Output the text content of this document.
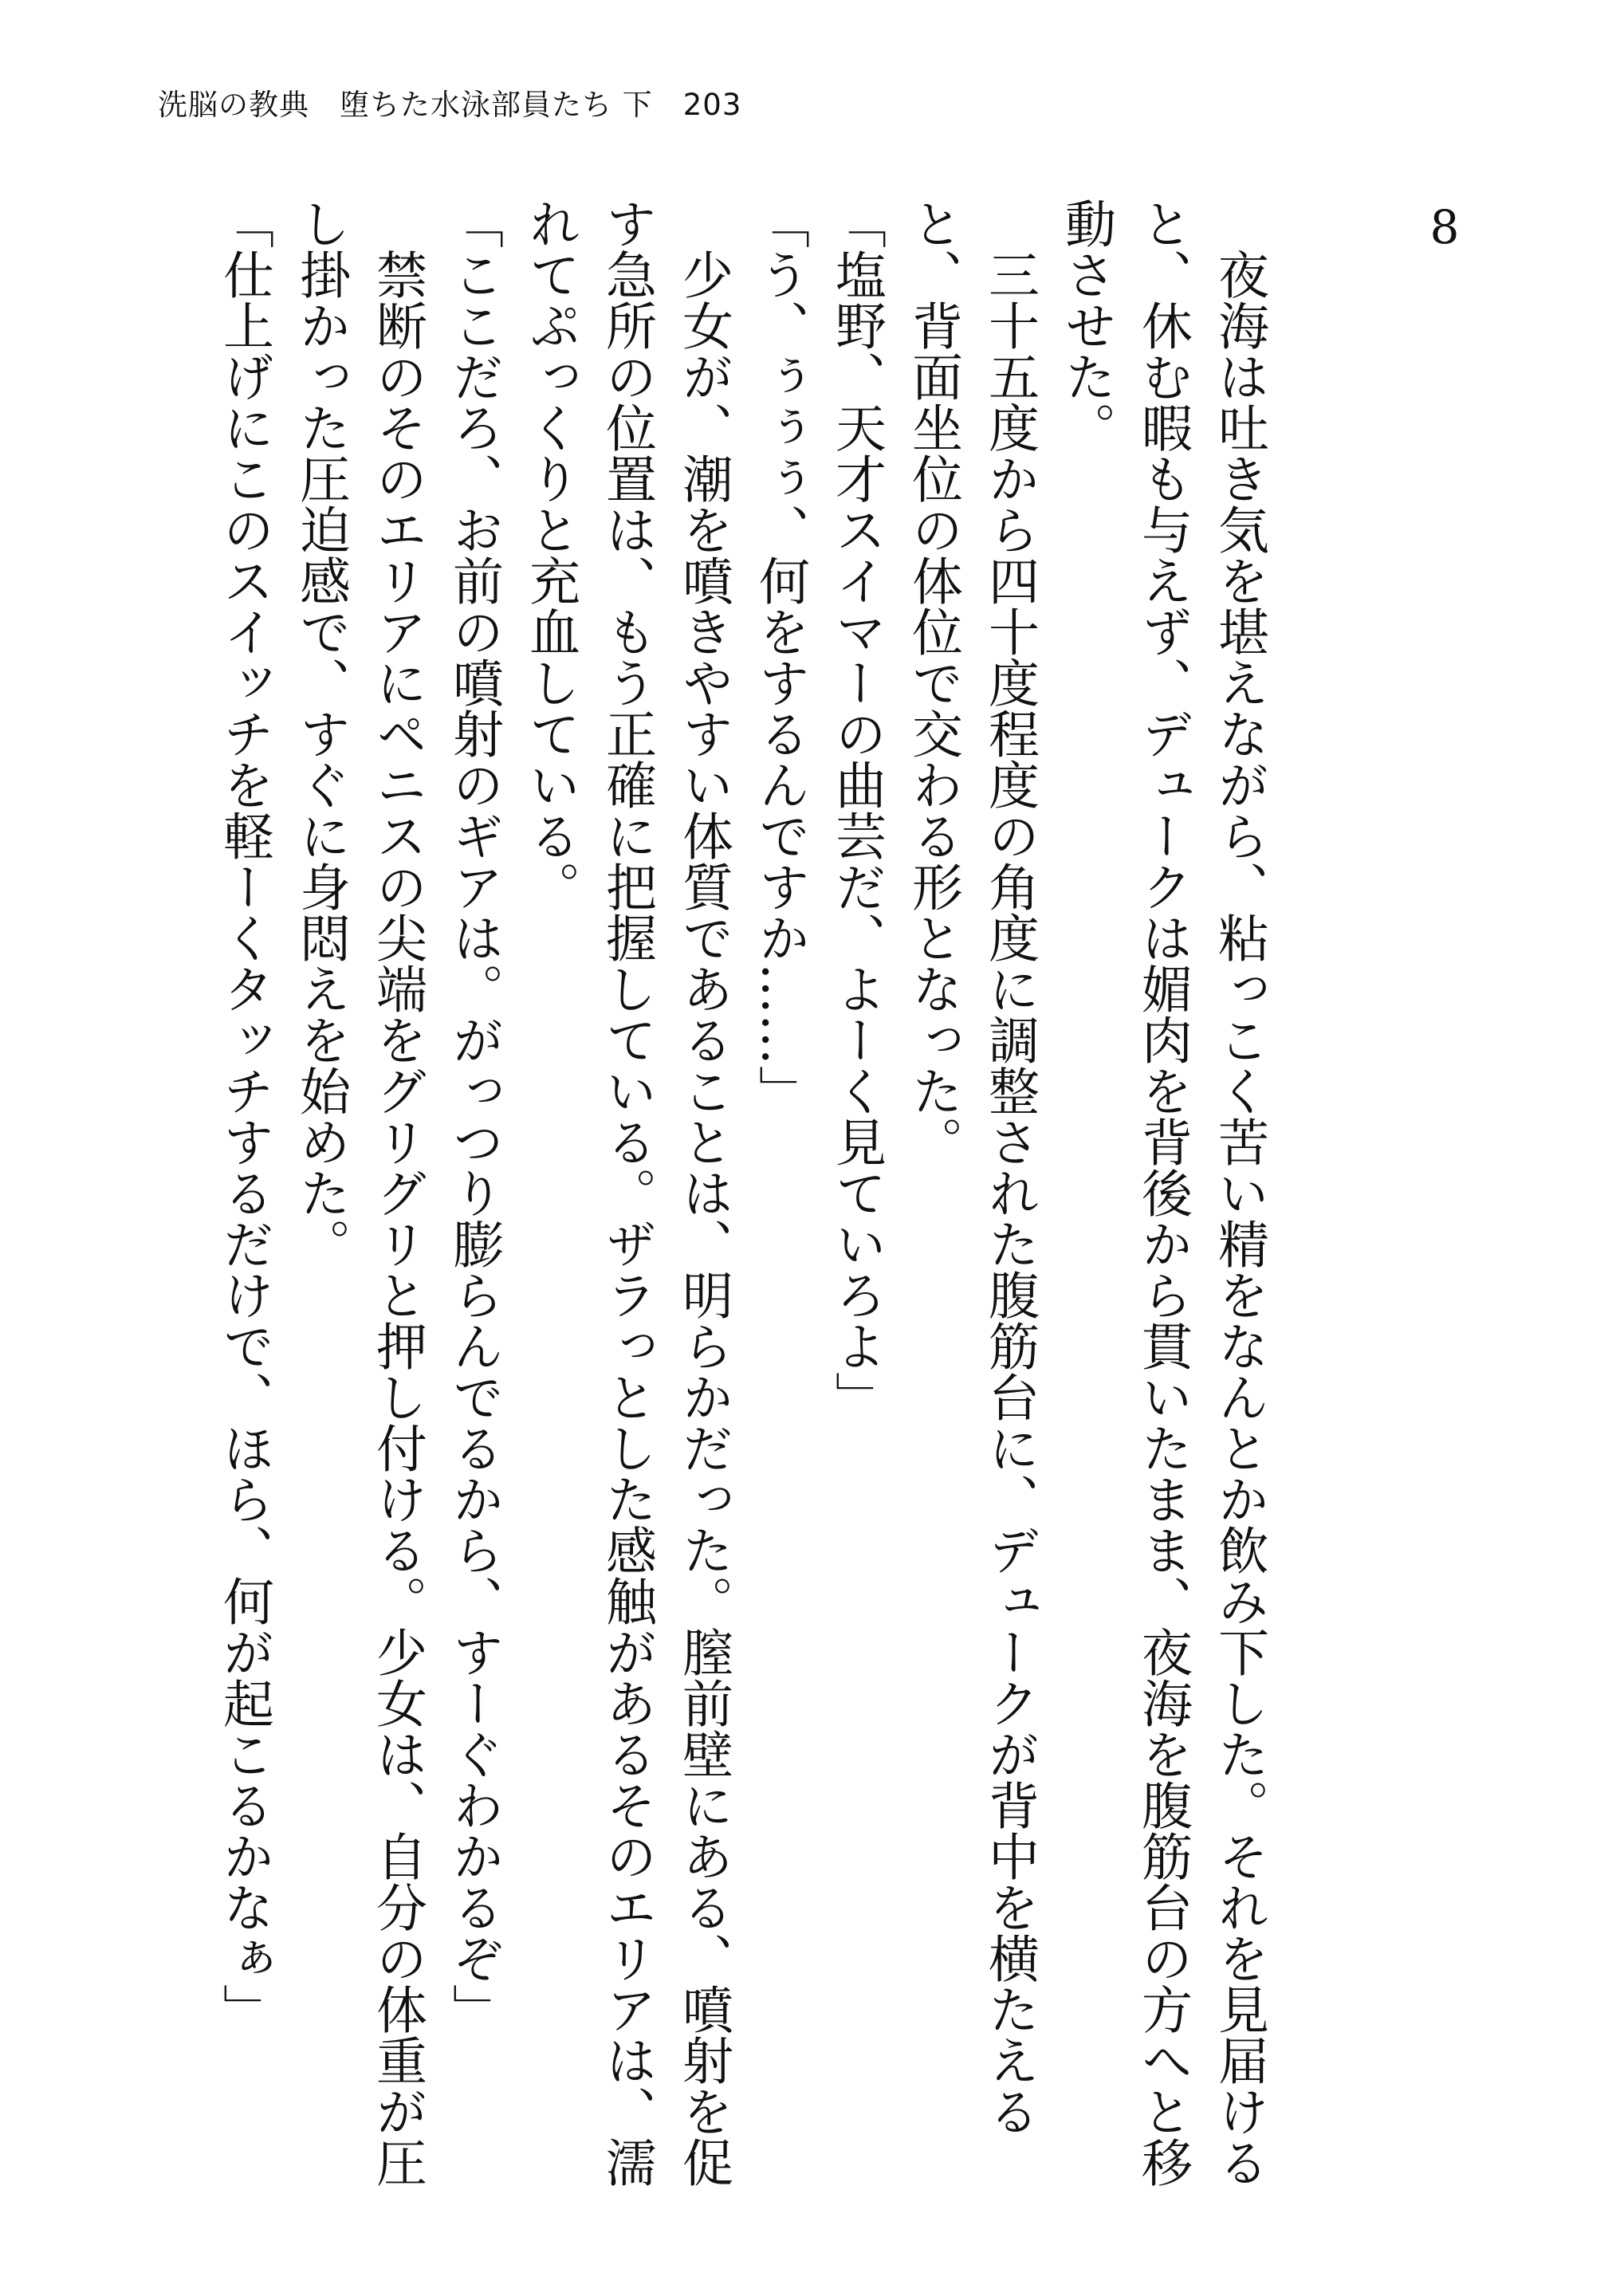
洗脳の教典　堕ちた水泳部員たち 下　203
8

　夜海は吐き気を堪えながら、粘っこく苦い精をなんとか飲み下した。それを見届けると、休む暇も与えず、デュークは媚肉を背後から貫いたまま、夜海を腹筋台の方へと移動させた。

　三十五度から四十度程度の角度に調整された腹筋台に、デュークが背中を横たえると、背面坐位の体位で交わる形となった。

「塩野、天才スイマーの曲芸だ、よーく見ていろよ」

「う、ぅぅぅ、何をするんですか……」

　少女が、潮を噴きやすい体質であることは、明らかだった。膣前壁にある、噴射を促す急所の位置は、もう正確に把握している。ザラっとした感触があるそのエリアは、濡れてぷっくりと充血している。

「ここだろ、お前の噴射のギアは。がっつり膨らんでるから、すーぐわかるぞ」

　禁断のそのエリアにペニスの尖端をグリグリと押し付ける。少女は、自分の体重が圧し掛かった圧迫感で、すぐに身悶えを始めた。

「仕上げにこのスイッチを軽ーくタッチするだけで、ほら、何が起こるかなぁ」
